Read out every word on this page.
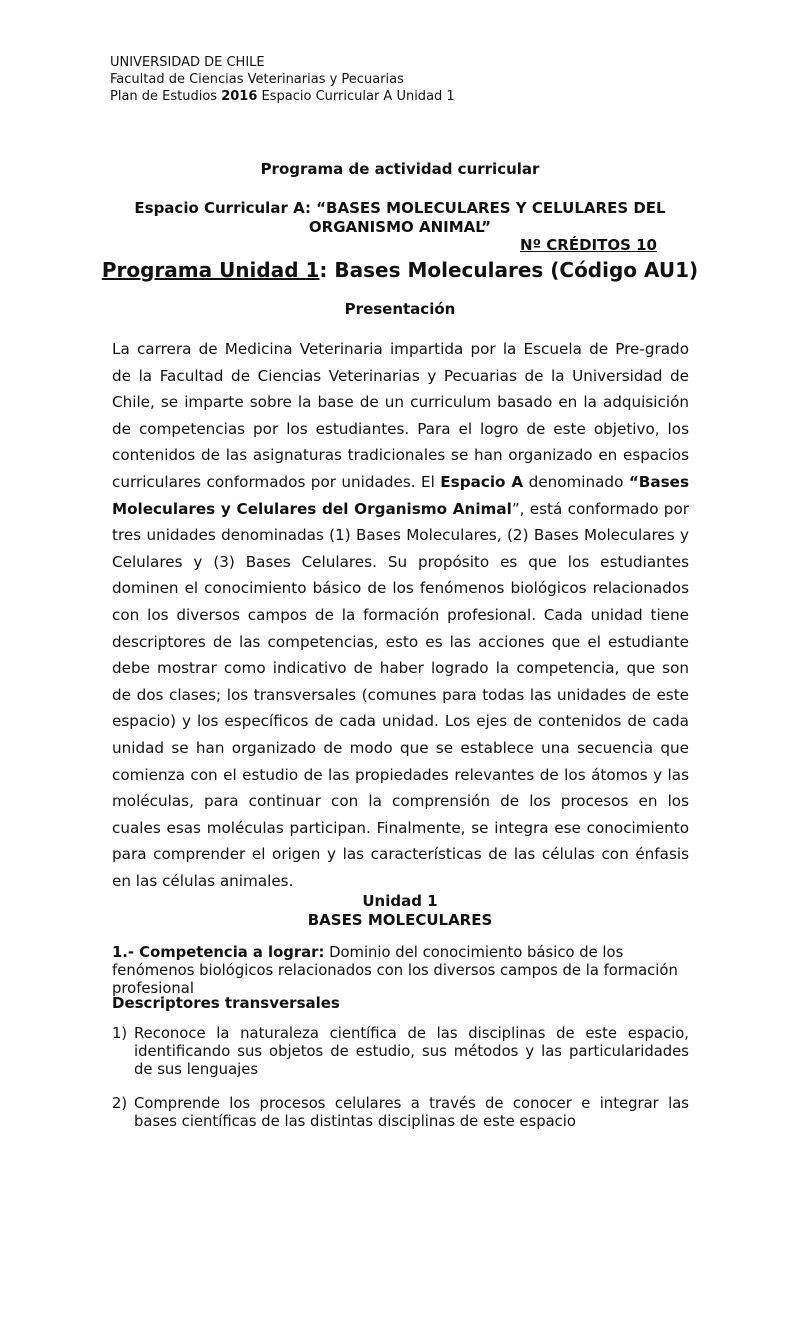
UNIVERSIDAD DE CHILE
Facultad de Ciencias Veterinarias y Pecuarias
Plan de Estudios 2016 Espacio Curricular A Unidad 1
Programa de actividad curricular
Espacio Curricular A: “BASES MOLECULARES Y CELULARES DEL
ORGANISMO ANIMAL”
Nº CRÉDITOS 10
Programa Unidad 1: Bases Moleculares (Código AU1)
Presentación
La carrera de Medicina Veterinaria impartida por la Escuela de Pre-grado de la Facultad de Ciencias Veterinarias y Pecuarias de la Universidad de Chile, se imparte sobre la base de un curriculum basado en la adquisición de competencias por los estudiantes. Para el logro de este objetivo, los contenidos de las asignaturas tradicionales se han organizado en espacios curriculares conformados por unidades. El Espacio A denominado “Bases Moleculares y Celulares del Organismo Animal”, está conformado por tres unidades denominadas (1) Bases Moleculares, (2) Bases Moleculares y Celulares y (3) Bases Celulares. Su propósito es que los estudiantes dominen el conocimiento básico de los fenómenos biológicos relacionados con los diversos campos de la formación profesional. Cada unidad tiene descriptores de las competencias, esto es las acciones que el estudiante debe mostrar como indicativo de haber logrado la competencia, que son de dos clases; los transversales (comunes para todas las unidades de este espacio) y los específicos de cada unidad. Los ejes de contenidos de cada unidad se han organizado de modo que se establece una secuencia que comienza con el estudio de las propiedades relevantes de los átomos y las moléculas, para continuar con la comprensión de los procesos en los cuales esas moléculas participan. Finalmente, se integra ese conocimiento para comprender el origen y las características de las células con énfasis en las células animales.
Unidad 1
BASES MOLECULARES
1.- Competencia a lograr: Dominio del conocimiento básico de los fenómenos biológicos relacionados con los diversos campos de la formación profesional
Descriptores transversales
1) Reconoce la naturaleza científica de las disciplinas de este espacio, identificando sus objetos de estudio, sus métodos y las particularidades de sus lenguajes
2) Comprende los procesos celulares a través de conocer e integrar las bases científicas de las distintas disciplinas de este espacio
